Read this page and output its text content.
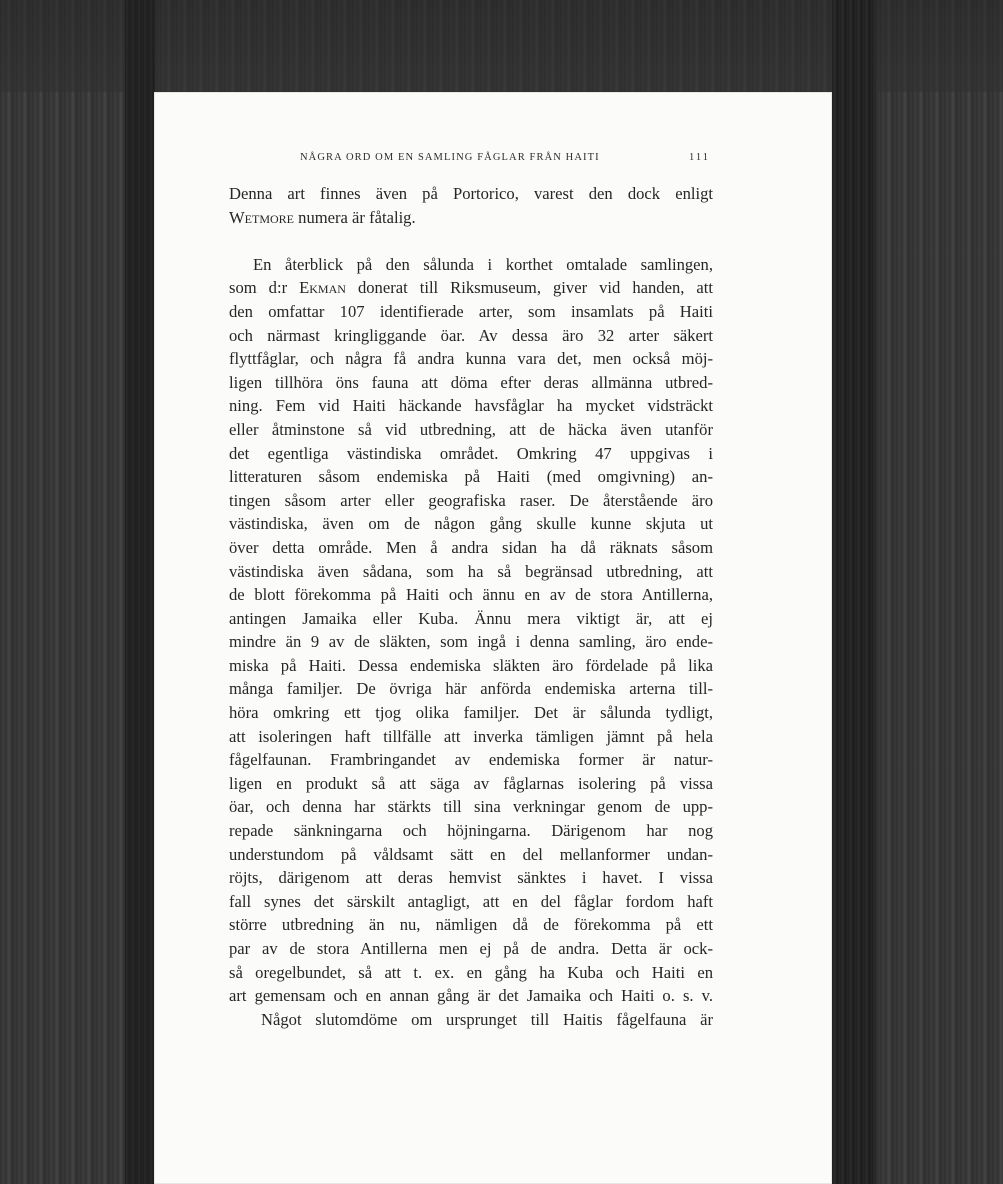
NÅGRA ORD OM EN SAMLING FÅGLAR FRÅN HAITI	111
Denna art finnes även på Portorico, varest den dock enligt
Wetmore numera är fåtalig.
En återblick på den sålunda i korthet omtalade samlingen,
som d:r Ekman donerat till Riksmuseum, giver vid handen, att
den omfattar 107 identifierade arter, som insamlats på Haiti
och närmast kringliggande öar. Av dessa äro 32 arter säkert
flyttfåglar, och några få andra kunna vara det, men också möj-
ligen tillhöra öns fauna att döma efter deras allmänna utbred-
ning. Fem vid Haiti häckande havsfåglar ha mycket vidsträckt
eller åtminstone så vid utbredning, att de häcka även utanför
det egentliga västindiska området. Omkring 47 uppgivas i
litteraturen såsom endemiska på Haiti (med omgivning) an-
tingen såsom arter eller geografiska raser. De återstående äro
västindiska, även om de någon gång skulle kunne skjuta ut
över detta område. Men å andra sidan ha då räknats såsom
västindiska även sådana, som ha så begränsad utbredning, att
de blott förekomma på Haiti och ännu en av de stora Antillerna,
antingen Jamaika eller Kuba. Ännu mera viktigt är, att ej
mindre än 9 av de släkten, som ingå i denna samling, äro ende-
miska på Haiti. Dessa endemiska släkten äro fördelade på lika
många familjer. De övriga här anförda endemiska arterna till-
höra omkring ett tjog olika familjer. Det är sålunda tydligt,
att isoleringen haft tillfälle att inverka tämligen jämnt på hela
fågelfaunan. Frambringandet av endemiska former är natur-
ligen en produkt så att säga av fåglarnas isolering på vissa
öar, och denna har stärkts till sina verkningar genom de upp-
repade sänkningarna och höjningarna. Därigenom har nog
understundom på våldsamt sätt en del mellanformer undan-
röjts, därigenom att deras hemvist sänktes i havet. I vissa
fall synes det särskilt antagligt, att en del fåglar fordom haft
större utbredning än nu, nämligen då de förekomma på ett
par av de stora Antillerna men ej på de andra. Detta är ock-
så oregelbundet, så att t. ex. en gång ha Kuba och Haiti en
art gemensam och en annan gång är det Jamaika och Haiti o. s. v.
Något slutomdöme om ursprunget till Haitis fågelfauna är
